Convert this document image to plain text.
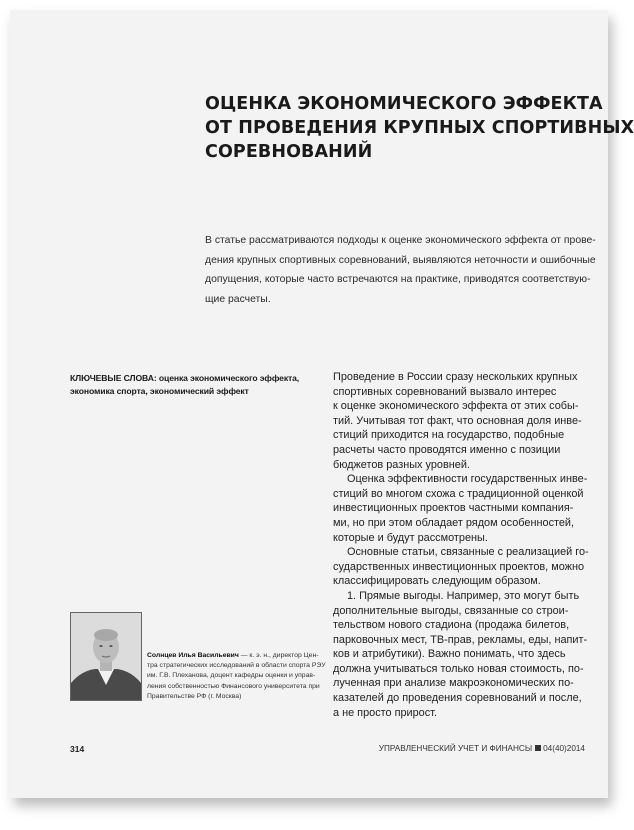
ОЦЕНКА ЭКОНОМИЧЕСКОГО ЭФФЕКТА
ОТ ПРОВЕДЕНИЯ КРУПНЫХ СПОРТИВНЫХ
СОРЕВНОВАНИЙ
В статье рассматриваются подходы к оценке экономического эффекта от прове-
дения крупных спортивных соревнований, выявляются неточности и ошибочные
допущения, которые часто встречаются на практике, приводятся соответствую-
щие расчеты.
КЛЮЧЕВЫЕ СЛОВА: оценка экономического эффекта,
экономика спорта, экономический эффект
Проведение в России сразу нескольких крупных
спортивных соревнований вызвало интерес
к оценке экономического эффекта от этих собы-
тий. Учитывая тот факт, что основная доля инве-
стиций приходится на государство, подобные
расчеты часто проводятся именно с позиции
бюджетов разных уровней.
Оценка эффективности государственных инве-
стиций во многом схожа с традиционной оценкой
инвестиционных проектов частными компания-
ми, но при этом обладает рядом особенностей,
которые и будут рассмотрены.
Основные статьи, связанные с реализацией го-
сударственных инвестиционных проектов, можно
классифицировать следующим образом.
1. Прямые выгоды. Например, это могут быть
дополнительные выгоды, связанные со строи-
тельством нового стадиона (продажа билетов,
парковочных мест, ТВ-прав, рекламы, еды, напит-
ков и атрибутики). Важно понимать, что здесь
должна учитываться только новая стоимость, по-
лученная при анализе макроэкономических по-
казателей до проведения соревнований и после,
а не просто прирост.
Солнцев Илья Васильевич — к. э. н., директор Цен-
тра стратегических исследований в области спорта РЭУ
им. Г.В. Плеханова, доцент кафедры оценки и управ-
ления собственностью Финансового университета при
Правительстве РФ (г. Москва)
314	УПРАВЛЕНЧЕСКИЙ УЧЕТ И ФИНАНСЫ 04(40)2014
